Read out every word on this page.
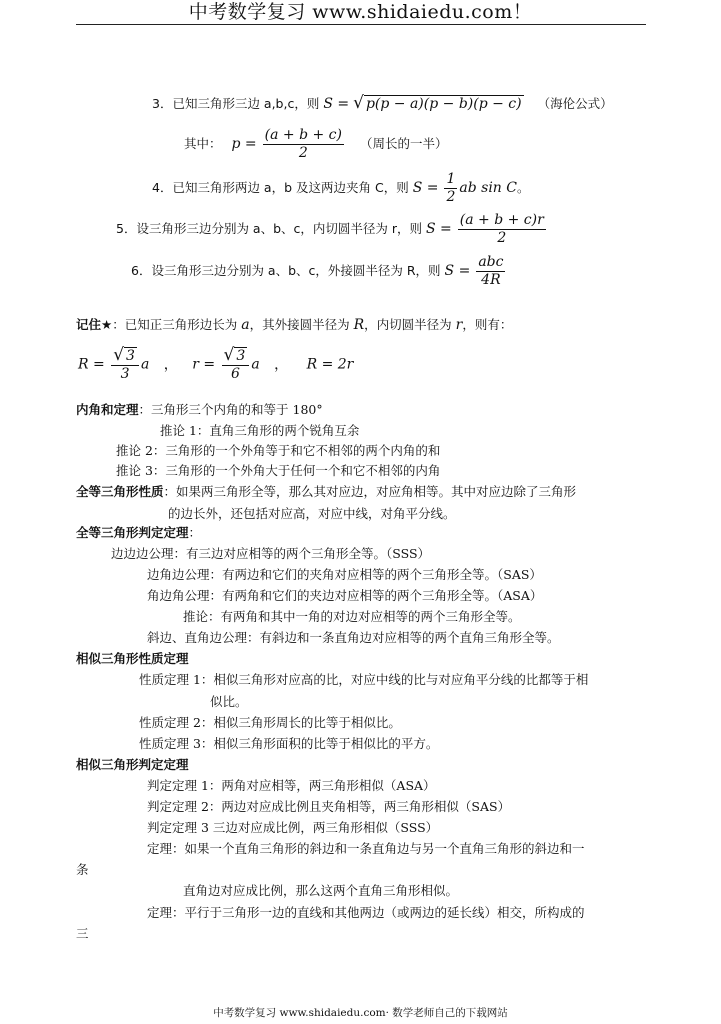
中考数学复习 www.shidaiedu.com！
3．已知三角形三边 a,b,c，则 S = √ p(p − a)(p − b)(p − c) （海伦公式）
其中： $p = \frac{(a + b + c)}{2}$ （周长的一半）
4．已知三角形两边 a，b 及这两边夹角 C，则 $S = \frac{1}{2}$ ab sin C。
5．设三角形三边分别为 a、b、c，内切圆半径为 r，则 $S = \frac{(a + b + c)r}{2}$
6．设三角形三边分别为 a、b、c，外接圆半径为 R，则 $S = \frac{\text{abc}}{4R}$
记住★：已知正三角形边长为 a，其外接圆半径为 R，内切圆半径为 r，则有：
$R = \frac{√ 3}{3}$ a ， $r = \frac{√ 3}{6}$ a ， R = 2r
内角和定理：三角形三个内角的和等于 180°
推论 1：直角三角形的两个锐角互余
推论 2：三角形的一个外角等于和它不相邻的两个内角的和
推论 3：三角形的一个外角大于任何一个和它不相邻的内角
全等三角形性质：如果两三角形全等，那么其对应边，对应角相等。其中对应边除了三角形
的边长外，还包括对应高，对应中线，对角平分线。
全等三角形判定定理：
边边边公理：有三边对应相等的两个三角形全等。（SSS）
边角边公理：有两边和它们的夹角对应相等的两个三角形全等。（SAS）
角边角公理：有两角和它们的夹边对应相等的两个三角形全等。（ASA）
推论：有两角和其中一角的对边对应相等的两个三角形全等。
斜边、直角边公理：有斜边和一条直角边对应相等的两个直角三角形全等。
相似三角形性质定理
性质定理 1：相似三角形对应高的比，对应中线的比与对应角平分线的比都等于相
似比。
性质定理 2：相似三角形周长的比等于相似比。
性质定理 3：相似三角形面积的比等于相似比的平方。
相似三角形判定定理
判定定理 1：两角对应相等，两三角形相似（ASA）
判定定理 2：两边对应成比例且夹角相等，两三角形相似（SAS）
判定定理 3 三边对应成比例，两三角形相似（SSS）
定理：如果一个直角三角形的斜边和一条直角边与另一个直角三角形的斜边和一
条
直角边对应成比例，那么这两个直角三角形相似。
定理：平行于三角形一边的直线和其他两边（或两边的延长线）相交，所构成的
三
中考数学复习 www.shidaiedu.com· 数学老师自己的下载网站
